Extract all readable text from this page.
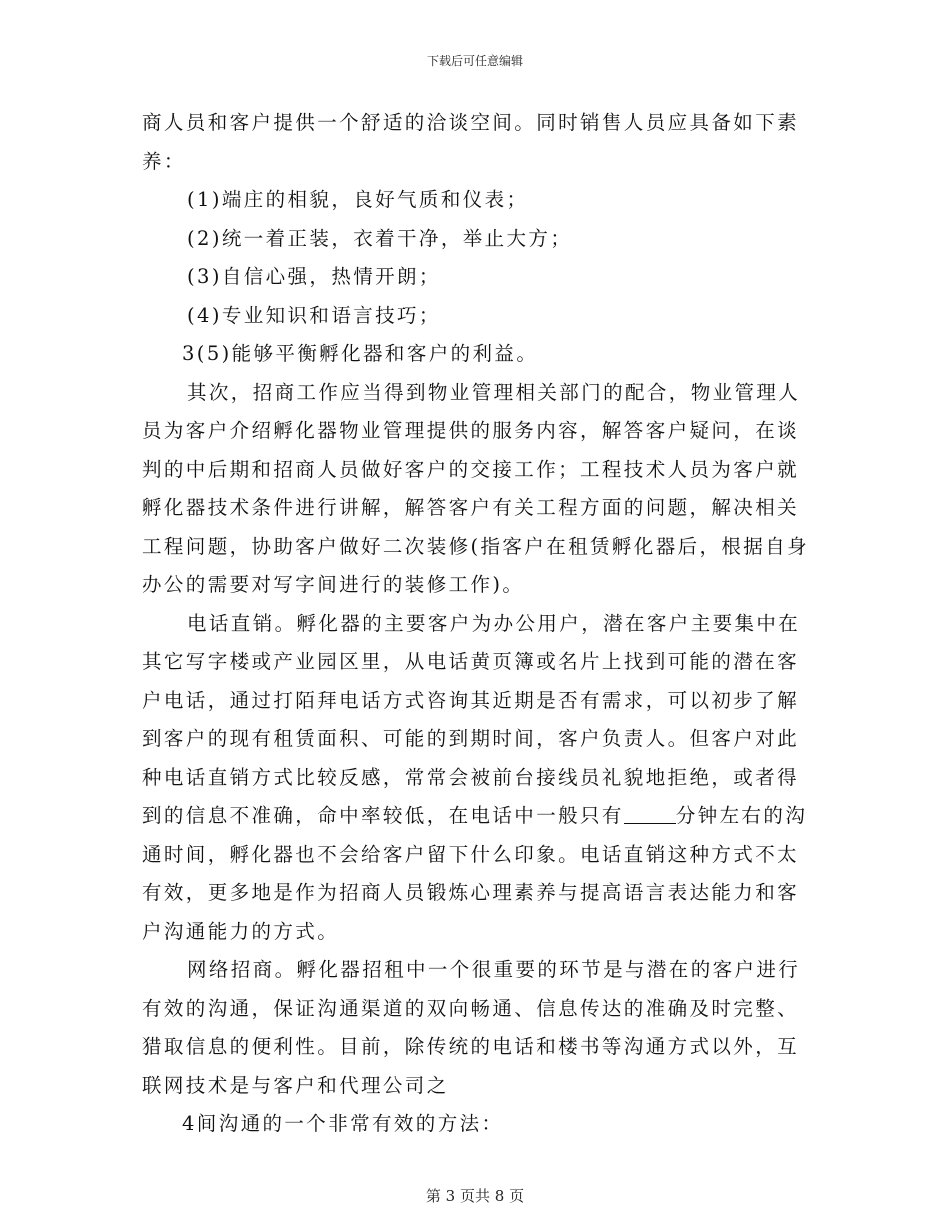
下载后可任意编辑
商人员和客户提供一个舒适的洽谈空间。同时销售人员应具备如下素
养：
(1)端庄的相貌，良好气质和仪表；
(2)统一着正装，衣着干净，举止大方；
(3)自信心强，热情开朗；
(4)专业知识和语言技巧；
3(5)能够平衡孵化器和客户的利益。
其次，招商工作应当得到物业管理相关部门的配合，物业管理人
员为客户介绍孵化器物业管理提供的服务内容，解答客户疑问，在谈
判的中后期和招商人员做好客户的交接工作；工程技术人员为客户就
孵化器技术条件进行讲解，解答客户有关工程方面的问题，解决相关
工程问题，协助客户做好二次装修(指客户在租赁孵化器后，根据自身
办公的需要对写字间进行的装修工作)。
电话直销。孵化器的主要客户为办公用户，潜在客户主要集中在
其它写字楼或产业园区里，从电话黄页簿或名片上找到可能的潜在客
户电话，通过打陌拜电话方式咨询其近期是否有需求，可以初步了解
到客户的现有租赁面积、可能的到期时间，客户负责人。但客户对此
种电话直销方式比较反感，常常会被前台接线员礼貌地拒绝，或者得
到的信息不准确，命中率较低，在电话中一般只有	分钟左右的沟
通时间，孵化器也不会给客户留下什么印象。电话直销这种方式不太
有效，更多地是作为招商人员锻炼心理素养与提高语言表达能力和客
户沟通能力的方式。
网络招商。孵化器招租中一个很重要的环节是与潜在的客户进行
有效的沟通，保证沟通渠道的双向畅通、信息传达的准确及时完整、
猎取信息的便利性。目前，除传统的电话和楼书等沟通方式以外，互
联网技术是与客户和代理公司之
4间沟通的一个非常有效的方法：
第 3 页共 8 页
